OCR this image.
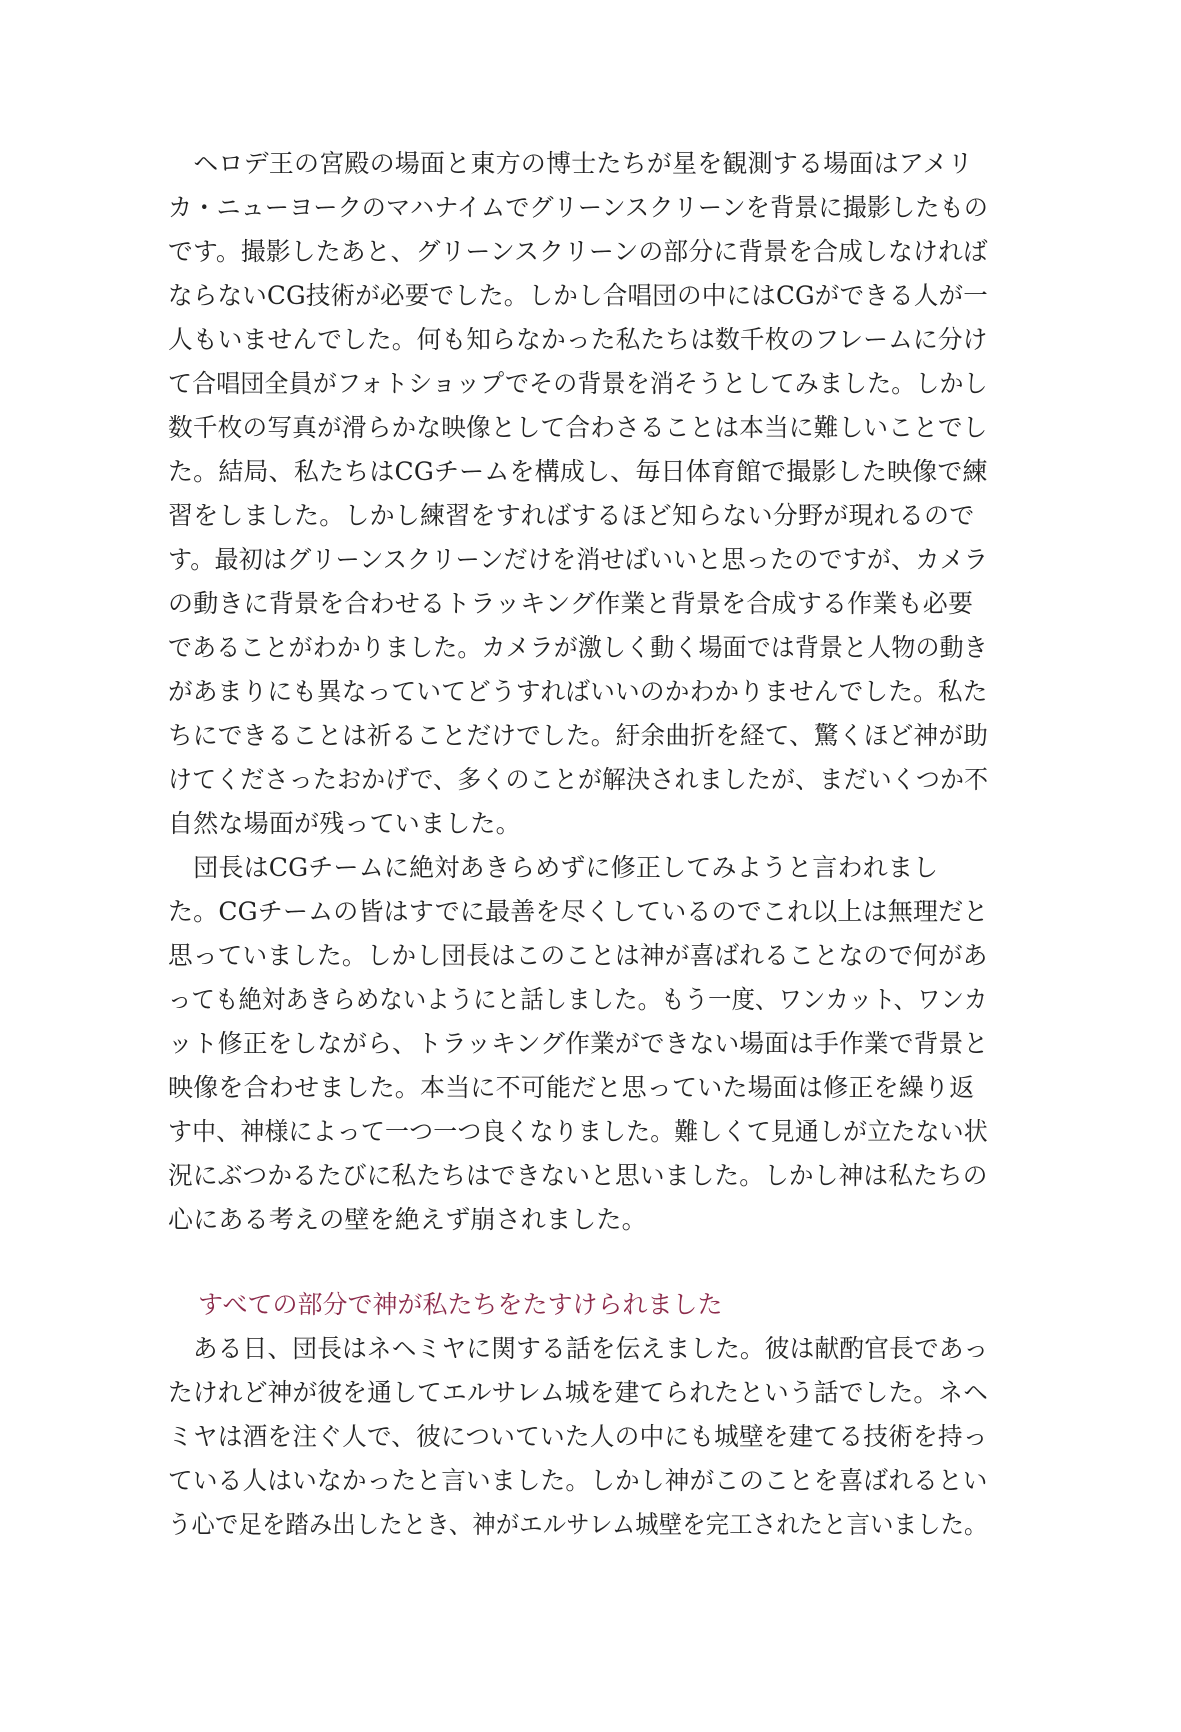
　ヘロデ王の宮殿の場面と東方の博士たちが星を観測する場面はアメリ
カ・ニューヨークのマハナイムでグリーンスクリーンを背景に撮影したもの
です。撮影したあと、グリーンスクリーンの部分に背景を合成しなければ
ならないCG技術が必要でした。しかし合唱団の中にはCGができる人が一
人もいませんでした。何も知らなかった私たちは数千枚のフレームに分け
て合唱団全員がフォトショップでその背景を消そうとしてみました。しかし
数千枚の写真が滑らかな映像として合わさることは本当に難しいことでし
た。結局、私たちはCGチームを構成し、毎日体育館で撮影した映像で練
習をしました。しかし練習をすればするほど知らない分野が現れるので
す。最初はグリーンスクリーンだけを消せばいいと思ったのですが、カメラ
の動きに背景を合わせるトラッキング作業と背景を合成する作業も必要
であることがわかりました。カメラが激しく動く場面では背景と人物の動き
があまりにも異なっていてどうすればいいのかわかりませんでした。私た
ちにできることは祈ることだけでした。紆余曲折を経て、驚くほど神が助
けてくださったおかげで、多くのことが解決されましたが、まだいくつか不
自然な場面が残っていました。
　団長はCGチームに絶対あきらめずに修正してみようと言われまし
た。CGチームの皆はすでに最善を尽くしているのでこれ以上は無理だと
思っていました。しかし団長はこのことは神が喜ばれることなので何があ
っても絶対あきらめないようにと話しました。もう一度、ワンカット、ワンカ
ット修正をしながら、トラッキング作業ができない場面は手作業で背景と
映像を合わせました。本当に不可能だと思っていた場面は修正を繰り返
す中、神様によって一つ一つ良くなりました。難しくて見通しが立たない状
況にぶつかるたびに私たちはできないと思いました。しかし神は私たちの
心にある考えの壁を絶えず崩されました。
すべての部分で神が私たちをたすけられました
　ある日、団長はネヘミヤに関する話を伝えました。彼は献酌官長であっ
たけれど神が彼を通してエルサレム城を建てられたという話でした。ネヘ
ミヤは酒を注ぐ人で、彼についていた人の中にも城壁を建てる技術を持っ
ている人はいなかったと言いました。しかし神がこのことを喜ばれるとい
う心で足を踏み出したとき、神がエルサレム城壁を完工されたと言いました。
